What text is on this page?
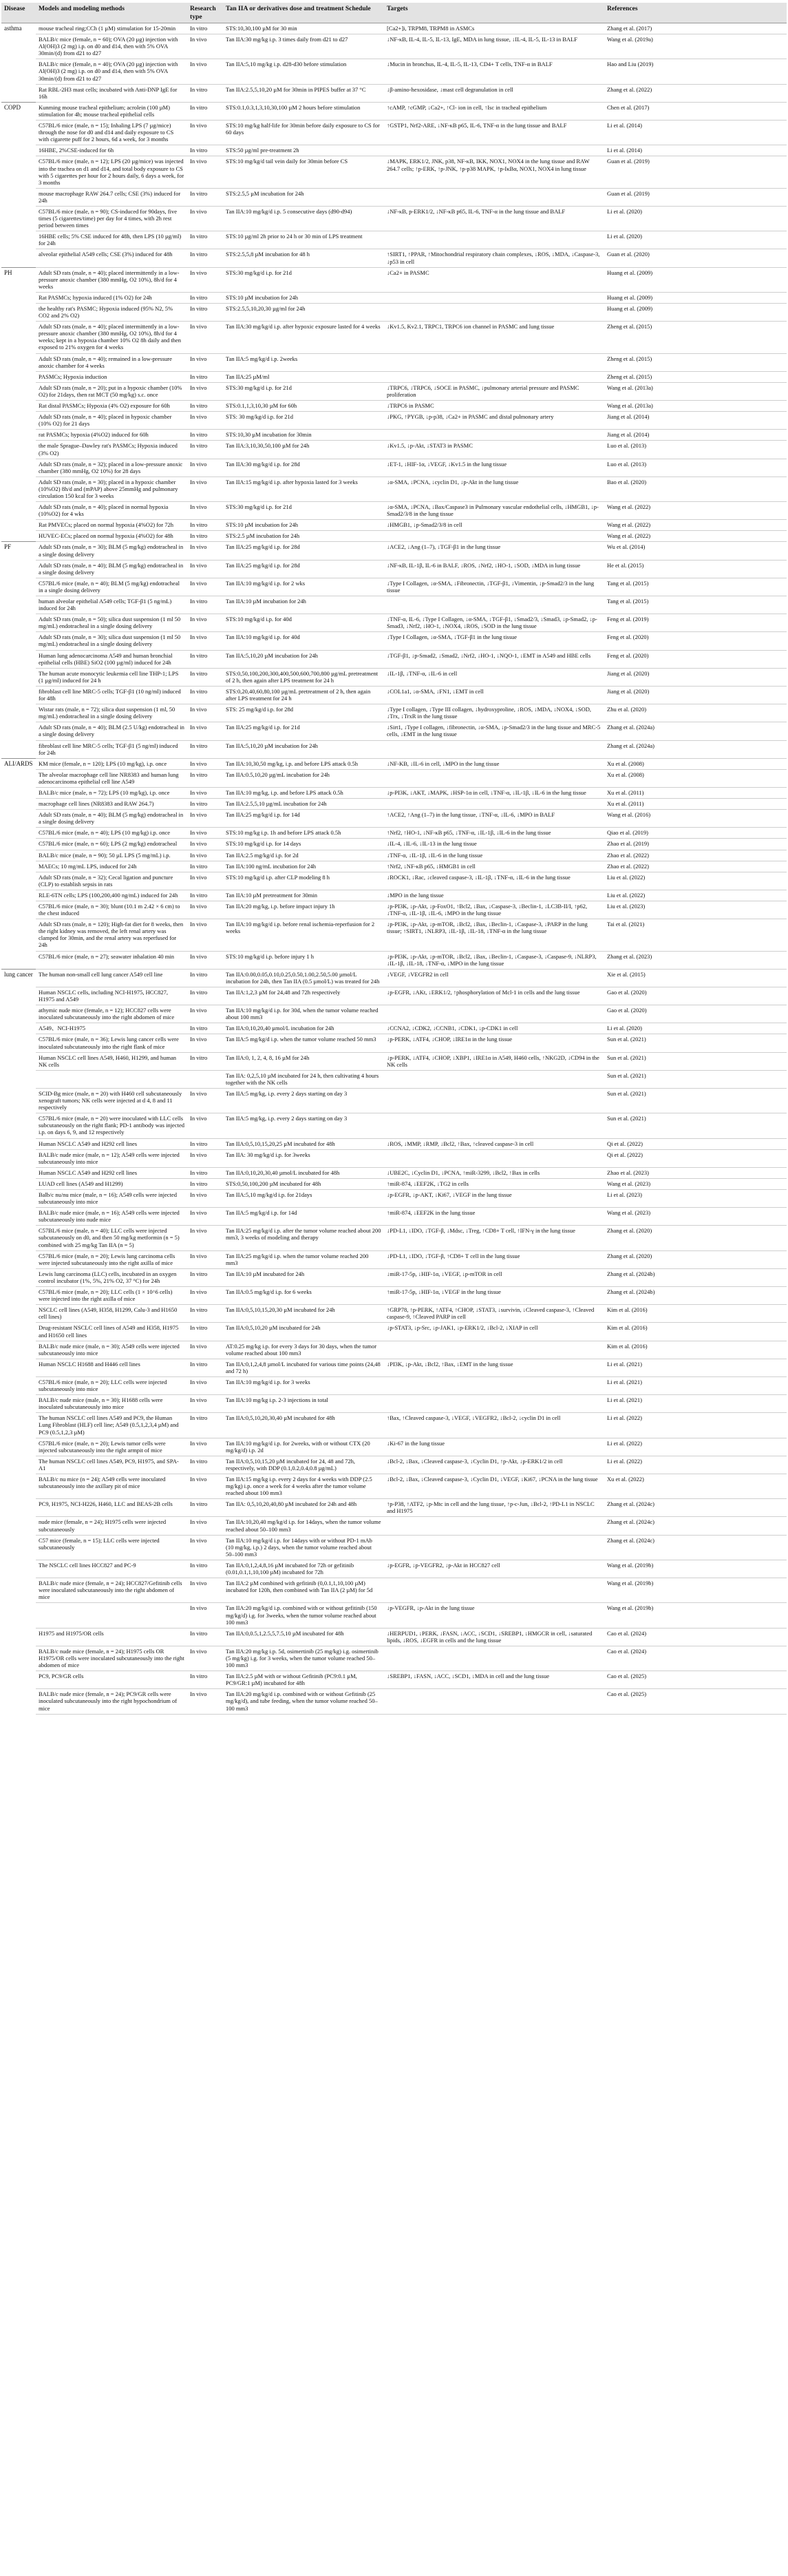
Disease	Models and modeling methods	Research type	Tan IIA or derivatives dose and treatment Schedule	Targets	References
asthma	mouse tracheal ring;CCh (1 µM) stimulation for 15-20min	In vitro	STS:10,30,100 µM for 30 min	[Ca2+]i, TRPM8, TRPM8 in ASMCs	Zhang et al. (2017)
	BALB/c mice (female, n = 60); OVA (20 µg) injection with Al(OH)3 (2 mg) i.p. on d0 and d14, then with 5% OVA 30min/(d) from d21 to d27	In vivo	Tan IIA:30 mg/kg i.p. 3 times daily from d21 to d27	↓NF-κB, IL-4, IL-5, IL-13, IgE, MDA in lung tissue, ↓IL-4, IL-5, IL-13 in BALF	Wang et al. (2019a)
	BALB/c mice (female, n = 40); OVA (20 µg) injection with Al(OH)3 (2 mg) i.p. on d0 and d14, then with 5% OVA 30min/(d) from d21 to d27	In vivo	Tan IIA:5,10 mg/kg i.p. d28-d30 before stimulation	↓Mucin in bronchus, IL-4, IL-5, IL-13, CD4+ T cells, TNF-α in BALF	Hao and Liu (2019)
	Rat RBL-2H3 mast cells; incubated with Anti-DNP IgE for 16h	In vitro	Tan IIA:2.5,5,10,20 µM for 30min in PIPES buffer at 37 °C	↓β-amino-hexosidase, ↓mast cell degranulation in cell	Zhang et al. (2022)
COPD	Kunming mouse tracheal epithelium; acrolein (100 µM) stimulation for 4h; mouse tracheal epithelial cells	In vitro	STS:0.1,0.3,1,3,10,30,100 µM 2 hours before stimulation	↑cAMP, ↑cGMP, ↓Ca2+, ↑Cl- ion in cell, ↑Isc in tracheal epithelium	Chen et al. (2017)
	C57BL/6 mice (male, n = 15); Inhaling LPS (7 µg/mice) through the nose for d0 and d14 and daily exposure to CS with cigarette puff for 2 hours, 6d a week, for 3 months	In vivo	STS:10 mg/kg half-life for 30min before daily exposure to CS for 60 days	↑GSTP1, Nrf2-ARE, ↓NF-κB p65, IL-6, TNF-α in the lung tissue and BALF	Li et al. (2014)
	16HBE, 2%CSE-induced for 6h	In vitro	STS:50 µg/ml pre-treatment 2h		Li et al. (2014)
	C57BL/6 mice (male, n = 12); LPS (20 µg/mice) was injected into the trachea on d1 and d14, and total body exposure to CS with 5 cigarettes per hour for 2 hours daily, 6 days a week, for 3 months	In vivo	STS:10 mg/kg/d tail vein daily for 30min before CS	↓MAPK, ERK1/2, JNK, p38, NF-κB, IKK, NOX1, NOX4 in the lung tissue and RAW 264.7 cells; ↑p-ERK, ↑p-JNK, ↑p-p38 MAPK, ↑p-IκBα, NOX1, NOX4 in lung tissue	Guan et al. (2019)
	mouse macrophage RAW 264.7 cells; CSE (3%) induced for 24h	In vitro	STS:2.5,5 µM incubation for 24h		Guan et al. (2019)
	C57BL/6 mice (male, n = 90); CS-induced for 90days, five times (5 cigarettes/time) per day for 4 times, with 2h rest period between times	In vivo	Tan IIA:10 mg/kg/d i.p. 5 consecutive days (d90-d94)	↓NF-κB, p-ERK1/2, ↓NF-κB p65, IL-6, TNF-α in the lung tissue and BALF	Li et al. (2020)
	16HBE cells; 5% CSE induced for 48h, then LPS (10 µg/ml) for 24h	In vitro	STS:10 µg/ml 2h prior to 24 h or 30 min of LPS treatment		Li et al. (2020)
	alveolar epithelial A549 cells; CSE (3%) induced for 48h	In vitro	STS:2.5,5,8 µM incubation for 48 h	↑SIRT1, ↑PPAR, ↑Mitochondrial respiratory chain complexes, ↓ROS, ↓MDA, ↓Caspase-3, ↓p53 in cell	Guan et al. (2020)
PH	Adult SD rats (male, n = 40); placed intermittently in a low-pressure anoxic chamber (380 mmHg, O2 10%), 8h/d for 4 weeks	In vivo	STS:30 mg/kg/d i.p. for 21d	↓Ca2+ in PASMC	Huang et al. (2009)
	Rat PASMCs; hypoxia induced (1% O2) for 24h	In vitro	STS:10 µM incubation for 24h		Huang et al. (2009)
	the healthy rat's PASMC; Hypoxia induced (95% N2, 5% CO2 and 2% O2)	In vitro	STS:2.5,5,10,20,30 µg/ml for 24h		Huang et al. (2009)
	Adult SD rats (male, n = 40); placed intermittently in a low-pressure anoxic chamber (380 mmHg, O2 10%), 8h/d for 4 weeks; kept in a hypoxia chamber 10% O2 8h daily and then exposed to 21% oxygen for 4 weeks	In vivo	Tan IIA:30 mg/kg/d i.p. after hypoxic exposure lasted for 4 weeks	↓Kv1.5, Kv2.1, TRPC1, TRPC6 ion channel in PASMC and lung tissue	Zheng et al. (2015)
	Adult SD rats (male, n = 40); remained in a low-pressure anoxic chamber for 4 weeks	In vivo	Tan IIA:5 mg/kg/d i.p. 2weeks		Zheng et al. (2015)
	PASMCs; Hypoxia induction	In vitro	Tan IIA:25 µM/ml		Zheng et al. (2015)
	Adult SD rats (male, n = 20); put in a hypoxic chamber (10% O2) for 21days, then rat MCT (50 mg/kg) s.c. once	In vivo	STS:30 mg/kg/d i.p. for 21d	↓TRPC6, ↓TRPC6, ↓SOCE in PASMC, ↓pulmonary arterial pressure and PASMC proliferation	Wang et al. (2013a)
	Rat distal PASMCs; Hypoxia (4% O2) exposure for 60h	In vitro	STS:0.1,1,3,10,30 µM for 60h	↓TRPC6 in PASMC	Wang et al. (2013a)
	Adult SD rats (male, n = 40); placed in hypoxic chamber (10% O2) for 21 days	In vivo	STS: 30 mg/kg/d i.p. for 21d	↓PKG, ↑PYGB, ↓p-p38, ↓Ca2+ in PASMC and distal pulmonary artery	Jiang et al. (2014)
	rat PASMCs; hypoxia (4%O2) induced for 60h	In vitro	STS:10,30 µM incubation for 30min		Jiang et al. (2014)
	the male Sprague–Dawley rat's PASMCs; Hypoxia induced (3% O2)	In vitro	Tan IIA:3,10,30,50,100 µM for 24h	↓Kv1.5, ↓p-Akt, ↓STAT3 in PASMC	Luo et al. (2013)
	Adult SD rats (male, n = 32); placed in a low-pressure anoxic chamber (380 mmHg, O2 10%) for 28 days	In vivo	Tan IIA:30 mg/kg/d i.p. for 28d	↓ET-1, ↓HIF-1α, ↓VEGF, ↓Kv1.5 in the lung tissue	Luo et al. (2013)
	Adult SD rats (male, n = 30); placed in a hypoxic chamber (10%O2) 8h/d and (mPAP) above 25mmHg and pulmonary circulation 150 kcal for 3 weeks	In vivo	Tan IIA:15 mg/kg/d i.p. after hypoxia lasted for 3 weeks	↓α-SMA, ↓PCNA, ↓cyclin D1, ↓p-Akt in the lung tissue	Bao et al. (2020)
	Adult SD rats (male, n = 40); placed in normal hypoxia (10%O2) for 4 wks	In vivo	STS:30 mg/kg/d i.p. for 21d	↓α-SMA, ↓PCNA, ↓Bax/Caspase3 in Pulmonary vascular endothelial cells, ↓HMGB1, ↓p-Smad2/3/8 in the lung tissue	Wang et al. (2022)
	Rat PMVECs; placed on normal hypoxia (4%O2) for 72h	In vitro	STS:10 µM incubation for 24h	↓HMGB1, ↓p-Smad2/3/8 in cell	Wang et al. (2022)
	HUVEC-ECs; placed on normal hypoxia (4%O2) for 48h	In vitro	STS:2.5 µM incubation for 24h		Wang et al. (2022)
PF	Adult SD rats (male, n = 30); BLM (5 mg/kg) endotracheal in a single dosing delivery	In vivo	Tan IIA:25 mg/kg/d i.p. for 28d	↓ACE2, ↓Ang (1–7), ↓TGF-β1 in the lung tissue	Wu et al. (2014)
	Adult SD rats (male, n = 40); BLM (5 mg/kg) endotracheal in a single dosing delivery	In vivo	Tan IIA:25 mg/kg/d i.p. for 28d	↓NF-κB, IL-1β, IL-6 in BALF, ↓ROS, ↓Nrf2, ↓HO-1, ↓SOD, ↓MDA in lung tissue	He et al. (2015)
	C57BL/6 mice (male, n = 40); BLM (5 mg/kg) endotracheal in a single dosing delivery	In vivo	Tan IIA:10 mg/kg/d i.p. for 2 wks	↓Type I Collagen, ↓α-SMA, ↓Fibronectin, ↓TGF-β1, ↓Vimentin, ↓p-Smad2/3 in the lung tissue	Tang et al. (2015)
	human alveolar epithelial A549 cells; TGF-β1 (5 ng/mL) induced for 24h	In vitro	Tan IIA:10 µM incubation for 24h		Tang et al. (2015)
	Adult SD rats (male, n = 50); silica dust suspension (1 ml 50 mg/mL) endotracheal in a single dosing delivery	In vivo	STS:10 mg/kg/d i.p. for 40d	↓TNF-α, IL-6, ↓Type I Collagen, ↓α-SMA, ↓TGF-β1, ↓Smad2/3, ↓Smad3, ↓p-Smad2, ↓p-Smad3, ↓Nrf2, ↓HO-1, ↓NOX4, ↓ROS, ↓SOD in the lung tissue	Feng et al. (2019)
	Adult SD rats (male, n = 30); silica dust suspension (1 ml 50 mg/mL) endotracheal in a single dosing delivery	In vivo	Tan IIA:10 mg/kg/d i.p. for 40d	↓Type I Collagen, ↓α-SMA, ↓TGF-β1 in the lung tissue	Feng et al. (2020)
	Human lung adenocarcinoma A549 and human bronchial epithelial cells (HBE) SiO2 (100 µg/ml) induced for 24h	In vitro	Tan IIA:5,10,20 µM incubation for 24h	↓TGF-β1, ↓p-Smad2, ↓Smad2, ↓Nrf2, ↓HO-1, ↓NQO-1, ↓EMT in A549 and HBE cells	Feng et al. (2020)
	The human acute monocytic leukemia cell line THP-1; LPS (1 µg/ml) induced for 24 h	In vitro	STS:0,50,100,200,300,400,500,600,700,800 µg/mL pretreatment of 2 h, then again after LPS treatment for 24 h	↓IL-1β, ↓TNF-α, ↓IL-6 in cell	Jiang et al. (2020)
	fibroblast cell line MRC-5 cells; TGF-β1 (10 ng/ml) induced for 48h	In vitro	STS:0,20,40,60,80,100 µg/mL pretreatment of 2 h, then again after LPS treatment for 24 h	↓COL1a1, ↓α-SMA, ↓FN1, ↓EMT in cell	Jiang et al. (2020)
	Wistar rats (male, n = 72); silica dust suspension (1 ml, 50 mg/mL) endotracheal in a single dosing delivery	In vivo	STS: 25 mg/kg/d i.p. for 28d	↓Type I collagen, ↓Type III collagen, ↓hydroxyproline, ↓ROS, ↓MDA, ↓NOX4, ↓SOD, ↓Trx, ↓TrxR in the lung tissue	Zhu et al. (2020)
	Adult SD rats (male, n = 40); BLM (2.5 U/kg) endotracheal in a single dosing delivery	In vivo	Tan IIA:25 mg/kg/d i.p. for 21d	↓Sirt1, ↓Type I collagen, ↓fibronectin, ↓α-SMA, ↓p-Smad2/3 in the lung tissue and MRC-5 cells, ↓EMT in the lung tissue	Zhang et al. (2024a)
	fibroblast cell line MRC-5 cells; TGF-β1 (5 ng/ml) induced for 24h	In vitro	Tan IIA:5,10,20 µM incubation for 24h		Zhang et al. (2024a)
ALI/ARDS	KM mice (female, n = 120); LPS (10 mg/kg), i.p. once	In vivo	Tan IIA:10,30,50 mg/kg, i.p. and before LPS attack 0.5h	↓NF-KB, ↓IL-6 in cell, ↓MPO in the lung tissue	Xu et al. (2008)
	The alveolar macrophage cell line NR8383 and human lung adenocarcinoma epithelial cell line A549	In vitro	Tan IIA:0.5,10,20 µg/mL incubation for 24h		Xu et al. (2008)
	BALB/c mice (male, n = 72); LPS (10 mg/kg), i.p. once	In vivo	Tan IIA:10 mg/kg, i.p. and before LPS attack 0.5h	↓p-PI3K, ↓AKT, ↓MAPK, ↓HSP-1α in cell, ↓TNF-α, ↓IL-1β, ↓IL-6 in the lung tissue	Xu et al. (2011)
	macrophage cell lines (NR8383 and RAW 264.7)	In vitro	Tan IIA:2.5,5,10 µg/mL incubation for 24h		Xu et al. (2011)
	Adult SD rats (male, n = 40); BLM (5 mg/kg) endotracheal in a single dosing delivery	In vivo	Tan IIA:25 mg/kg/d i.p. for 14d	↑ACE2, ↑Ang (1–7) in the lung tissue, ↓TNF-α, ↓IL-6, ↓MPO in BALF	Wang et al. (2016)
	C57BL/6 mice (male, n = 40); LPS (10 mg/kg) i.p. once	In vivo	STS:10 mg/kg i.p. 1h and before LPS attack 0.5h	↑Nrf2, ↑HO-1, ↓NF-κB p65, ↓TNF-α, ↓IL-1β, ↓IL-6 in the lung tissue	Qiao et al. (2019)
	C57BL/6 mice (male, n = 60); LPS (2 mg/kg) endotracheal	In vivo	STS:10 mg/kg/d i.p. for 14 days	↓IL-4, ↓IL-6, ↓IL-13 in the lung tissue	Zhao et al. (2019)
	BALB/c mice (male, n = 90); 50 µL LPS (5 mg/mL) i.p.	In vivo	Tan IIA:2.5 mg/kg/d i.p. for 2d	↓TNF-α, ↓IL-1β, ↓IL-6 in the lung tissue	Zhao et al. (2022)
	MAECs; 10 mg/mL LPS, induced for 24h	In vitro	Tan IIA:100 ng/mL incubation for 24h	↑Nrf2, ↓NF-κB p65, ↓HMGB1 in cell	Zhao et al. (2022)
	Adult SD rats (male, n = 32); Cecal ligation and puncture (CLP) to establish sepsis in rats	In vivo	STS:10 mg/kg/d i.p. after CLP modeling 8 h	↓ROCK1, ↓Rac, ↓cleaved caspase-3, ↓IL-1β, ↓TNF-α, ↓IL-6 in the lung tissue	Liu et al. (2022)
	RLE-6TN cells; LPS (100,200,400 ng/mL) induced for 24h	In vitro	Tan IIA:10 µM pretreatment for 30min	↓MPO in the lung tissue	Liu et al. (2022)
	C57BL/6 mice (male, n = 30); blunt (10.1 m 2.42 × 6 cm) to the chest induced	In vivo	Tan IIA:20 mg/kg, i.p. before impact injury 1h	↓p-PI3K, ↓p-Akt, ↓p-FoxO1, ↑Bcl2, ↓Bax, ↓Caspase-3, ↓Beclin-1, ↓LC3B-II/I, ↑p62, ↓TNF-α, ↓IL-1β, ↓IL-6, ↓MPO in the lung tissue	Liu et al. (2023)
	Adult SD rats (male, n = 120); High-fat diet for 8 weeks, then the right kidney was removed, the left renal artery was clamped for 30min, and the renal artery was reperfused for 24h	In vivo	Tan IIA:10 mg/kg/d i.p. before renal ischemia-reperfusion for 2 weeks	↓p-PI3K, ↓p-Akt, ↓p-mTOR, ↓Bcl2, ↓Bax, ↓Beclin-1, ↓Caspase-3, ↓PARP in the lung tissue; ↑SIRT1, ↓NLRP3, ↓IL-1β, ↓IL-18, ↓TNF-α in the lung tissue	Tai et al. (2021)
	C57BL/6 mice (male, n = 27); seawater inhalation 40 min	In vivo	STS:10 mg/kg/d i.p. before injury 1 h	↓p-PI3K, ↓p-Akt, ↓p-mTOR, ↓Bcl2, ↓Bax, ↓Beclin-1, ↓Caspase-3, ↓Caspase-9, ↓NLRP3, ↓IL-1β, ↓IL-18, ↓TNF-α, ↓MPO in the lung tissue	Zhang et al. (2023)
lung cancer	The human non-small cell lung cancer A549 cell line	In vitro	Tan IIA:0.00,0.05,0.10,0.25,0.50,1.00,2.50,5.00 µmol/L incubation for 24h, then Tan IIA (0.5 µmol/L) was treated for 24h	↓VEGF, ↓VEGFR2 in cell	Xie et al. (2015)
	Human NSCLC cells, including NCI-H1975, HCC827, H1975 and A549	In vitro	Tan IIA:1,2,3 µM for 24,48 and 72h respectively	↓p-EGFR, ↓AKt, ↓ERK1/2, ↑phosphorylation of Mcl-1 in cells and the lung tissue	Gao et al. (2020)
	athymic nude mice (female, n = 12); HCC827 cells were inoculated subcutaneously into the right abdomen of mice	In vivo	Tan IIA:10 mg/kg/d i.p. for 30d, when the tumor volume reached about 100 mm3		Gao et al. (2020)
	A549、NCI-H1975	In vitro	Tan IIA:0,10,20,40 µmol/L incubation for 24h	↓CCNA2, ↓CDK2, ↓CCNB1, ↓CDK1, ↓p-CDK1 in cell	Li et al. (2020)
	C57BL/6 mice (male, n = 36); Lewis lung cancer cells were inoculated subcutaneously into the right flank of mice	In vivo	Tan IIA:5 mg/kg/d i.p. when the tumor volume reached 50 mm3	↓p-PERK, ↓ATF4, ↓CHOP, ↓IRE1α in the lung tissue	Sun et al. (2021)
	Human NSCLC cell lines A549, H460, H1299, and human NK cells	In vitro	Tan IIA:0, 1, 2, 4, 8, 16 µM for 24h	↓p-PERK, ↓ATF4, ↓CHOP, ↓XBP1, ↓IRE1α in A549, H460 cells, ↑NKG2D, ↓CD94 in the NK cells	Sun et al. (2021)
			Tan IIA: 0,2,5,10 µM incubated for 24 h, then cultivating 4 hours together with the NK cells		Sun et al. (2021)
	SCID-Bg mice (male, n = 20) with H460 cell subcutaneously xenograft tumors; NK cells were injected at d 4, 8 and 11 respectively	In vivo	Tan IIA:5 mg/kg, i.p. every 2 days starting on day 3		Sun et al. (2021)
	C57BL/6 mice (male, n = 20) were inoculated with LLC cells subcutaneously on the right flank; PD-1 antibody was injected i.p. on days 6, 9, and 12 respectively	In vivo	Tan IIA:5 mg/kg, i.p. every 2 days starting on day 3		Sun et al. (2021)
	Human NSCLC A549 and H292 cell lines	In vitro	Tan IIA:0,5,10,15,20,25 µM incubated for 48h	↓ROS, ↓MMP, ↓RMP, ↓Bcl2, ↑Bax, ↑cleaved caspase-3 in cell	Qi et al. (2022)
	BALB/c nude mice (male, n = 12); A549 cells were injected subcutaneously into mice	In vivo	Tan IIA: 30 mg/kg/d i.p. for 3weeks		Qi et al. (2022)
	Human NSCLC A549 and H292 cell lines	In vitro	Tan IIA:0,10,20,30,40 µmol/L incubated for 48h	↓UBE2C, ↓Cyclin D1, ↓PCNA, ↑miR-3299, ↓Bcl2, ↑Bax in cells	Zhao et al. (2023)
	LUAD cell lines (A549 and H1299)	In vitro	STS:0,50,100,200 µM incubated for 48h	↑miR-874, ↓EEF2K, ↓TG2 in cells	Wang et al. (2023)
	Balb/c nu/nu mice (male, n = 16); A549 cells were injected subcutaneously into mice	In vivo	Tan IIA:5,10 mg/kg/d i.p. for 21days	↓p-EGFR, ↓p-AKT, ↓Ki67, ↓VEGF in the lung tissue	Li et al. (2023)
	BALB/c nude mice (male, n = 16); A549 cells were injected subcutaneously into nude mice	In vivo	Tan IIA:5 mg/kg/d i.p. for 14d	↑miR-874, ↓EEF2K in the lung tissue	Wang et al. (2023)
	C57BL/6 mice (male, n = 40); LLC cells were injected subcutaneously on d0, and then 50 mg/kg metformin (n = 5) combined with 25 mg/kg Tan IIA (n = 5)	In vivo	Tan IIA:25 mg/kg/d i.p. after the tumor volume reached about 200 mm3, 3 weeks of modeling and therapy	↓PD-L1, ↓IDO, ↓TGF-β, ↓Mdsc, ↓Treg, ↑CD8+ T cell, ↑IFN-γ in the lung tissue	Zhang et al. (2020)
	C57BL/6 mice (male, n = 20); Lewis lung carcinoma cells were injected subcutaneously into the right axilla of mice	In vivo	Tan IIA:25 mg/kg/d i.p. when the tumor volume reached 200 mm3	↓PD-L1, ↓IDO, ↓TGF-β, ↑CD8+ T cell in the lung tissue	Zhang et al. (2020)
	Lewis lung carcinoma (LLC) cells, incubated in an oxygen control incubator (1%, 5%, 21% O2, 37 °C) for 24h	In vitro	Tan IIA:10 µM incubated for 24h	↓miR-17-5p, ↓HIF-1α, ↓VEGF, ↓p-mTOR in cell	Zhang et al. (2024b)
	C57BL/6 mice (male, n = 20); LLC cells (1 × 10^6 cells) were injected into the right axilla of mice	In vivo	Tan IIA:0.5 mg/kg/d i.p. for 6 weeks	↑miR-17-5p, ↓HIF-1α, ↓VEGF in the lung tissue	Zhang et al. (2024b)
	NSCLC cell lines (A549, H358, H1299, Calu-3 and H1650 cell lines)	In vitro	Tan IIA:0,5,10,15,20,30 µM incubated for 24h	↑GRP78, ↑p-PERK, ↑ATF4, ↑CHOP, ↓STAT3, ↓survivin, ↓Cleaved caspase-3, ↑Cleaved caspase-9, ↑Cleaved PARP in cell	Kim et al. (2016)
	Drug-resistant NSCLC cell lines of A549 and H358, H1975 and H1650 cell lines	In vitro	Tan IIA:0,5,10,20 µM incubated for 24h	↓p-STAT3, ↓p-Src, ↓p-JAK1, ↓p-ERK1/2, ↓Bcl-2, ↓XIAP in cell	Kim et al. (2016)
	BALB/c nude mice (male, n = 30); A549 cells were injected subcutaneously into mice	In vivo	AT:0.25 mg/kg i.p. for every 3 days for 30 days, when the tumor volume reached about 100 mm3		Kim et al. (2016)
	Human NSCLC H1688 and H446 cell lines	In vitro	Tan IIA:0,1,2,4,8 µmol/L incubated for various time points (24,48 and 72 h)	↓PI3K, ↓p-Akt, ↓Bcl2, ↑Bax, ↓EMT in the lung tissue	Li et al. (2021)
	C57BL/6 mice (male, n = 20); LLC cells were injected subcutaneously into mice	In vivo	Tan IIA:10 mg/kg/d i.p. for 3 weeks		Li et al. (2021)
	BALB/c nude mice (male, n = 30); H1688 cells were inoculated subcutaneously into mice	In vivo	Tan IIA:10 mg/kg i.p. 2-3 injections in total		Li et al. (2021)
	The human NSCLC cell lines A549 and PC9, the Human Lung Fibroblast (HLF) cell line; A549 (0.5,1,2,3,4 µM) and PC9 (0.5,1,2,3 µM)	In vitro	Tan IIA:0,5,10,20,30,40 µM incubated for 48h	↑Bax, ↑Cleaved caspase-3, ↓VEGF, ↓VEGFR2, ↓Bcl-2, ↓cyclin D1 in cell	Li et al. (2022)
	C57BL/6 mice (male, n = 20); Lewis tumor cells were injected subcutaneously into the right armpit of mice	In vivo	Tan IIA:10 mg/kg/d i.p. for 2weeks, with or without CTX (20 mg/kg/d) i.p. 2d	↓Ki-67 in the lung tissue	Li et al. (2022)
	The human NSCLC cell lines A549, PC9, H1975, and SPA-A1	In vitro	Tan IIA:0,5,10,15,20 µM incubated for 24, 48 and 72h, respectively, with DDP (0.1,0.2,0.4,0.8 µg/mL)	↓Bcl-2, ↓Bax, ↓Cleaved caspase-3, ↓Cyclin D1, ↑p-Akt, ↓p-ERK1/2 in cell	Li et al. (2022)
	BALB/c nu mice (n = 24); A549 cells were inoculated subcutaneously into the axillary pit of mice	In vivo	Tan IIA:15 mg/kg i.p. every 2 days for 4 weeks with DDP (2.5 mg/kg) i.p. once a week for 4 weeks after the tumor volume reached about 100 mm3	↓Bcl-2, ↓Bax, ↓Cleaved caspase-3, ↓Cyclin D1, ↓VEGF, ↓Ki67, ↓PCNA in the lung tissue	Xu et al. (2022)
	PC9, H1975, NCI-H226, H460, LLC and BEAS-2B cells	In vitro	Tan IIA: 0,5,10,20,40,80 µM incubated for 24h and 48h	↑p-P38, ↑ATF2, ↓p-Mtc in cell and the lung tissue, ↑p-c-Jun, ↓Bcl-2, ↑PD-L1 in NSCLC and H1975	Zhang et al. (2024c)
	nude mice (female, n = 24); H1975 cells were injected subcutaneously	In vivo	Tan IIA:10,20,40 mg/kg/d i.p. for 14days, when the tumor volume reached about 50–100 mm3		Zhang et al. (2024c)
	C57 mice (female, n = 15); LLC cells were injected subcutaneously	In vivo	Tan IIA:10 mg/kg/d i.p. for 14days with or without PD-1 mAb (10 mg/kg, i.p.) 2 days, when the tumor volume reached about 50–100 mm3		Zhang et al. (2024c)
	The NSCLC cell lines HCC827 and PC-9	In vitro	Tan IIA:0,1,2,4,8,16 µM incubated for 72h or gefitinib (0.01,0.1,1,10,100 µM) incubated for 72h	↓p-EGFR, ↓p-VEGFR2, ↓p-Akt in HCC827 cell	Wang et al. (2019b)
	BALB/c nude mice (female, n = 24); HCC827/Gefitinib cells were inoculated subcutaneously into the right abdomen of mice	In vivo	Tan IIA:2 µM combined with gefitinib (0,0.1,1,10,100 µM) incubated for 120h, then combined with Tan IIA (2 µM) for 5d		Wang et al. (2019b)
		In vivo	Tan IIA:20 mg/kg/d i.p. combined with or without gefitinib (150 mg/kg/d) i.g. for 3weeks, when the tumor volume reached about 100 mm3	↓p-VEGFR, ↓p-Akt in the lung tissue	Wang et al. (2019b)
	H1975 and H1975/OR cells	In vitro	Tan IIA:0,0.5,1,2.5,5,7.5,10 µM incubated for 48h	↓HERPUD1, ↓PERK, ↓FASN, ↓ACC, ↓SCD1, ↓SREBP1, ↓HMGCR in cell, ↓saturated lipids, ↓ROS, ↓EGFR in cells and the lung tissue	Cao et al. (2024)
	BALB/c nude mice (female, n = 24); H1975 cells OR H1975/OR cells were inoculated subcutaneously into the right abdomen of mice	In vivo	Tan IIA:20 mg/kg i.p. 5d, osimertinib (25 mg/kg) i.g. osimertinib (5 mg/kg) i.g. for 3 weeks, when the tumor volume reached 50–100 mm3		Cao et al. (2024)
	PC9, PC9/GR cells	In vitro	Tan IIA:2.5 µM with or without Gefitinib (PC9:0.1 µM, PC9/GR:1 µM) incubated for 48h	↓SREBP1, ↓FASN, ↓ACC, ↓SCD1, ↓MDA in cell and the lung tissue	Cao et al. (2025)
	BALB/c nude mice (female, n = 24); PC9/GR cells were inoculated subcutaneously into the right hypochondrium of mice	In vivo	Tan IIA:20 mg/kg/d i.p. combined with or without Gefitinib (25 mg/kg/d), and tube feeding, when the tumor volume reached 50–100 mm3		Cao et al. (2025)
